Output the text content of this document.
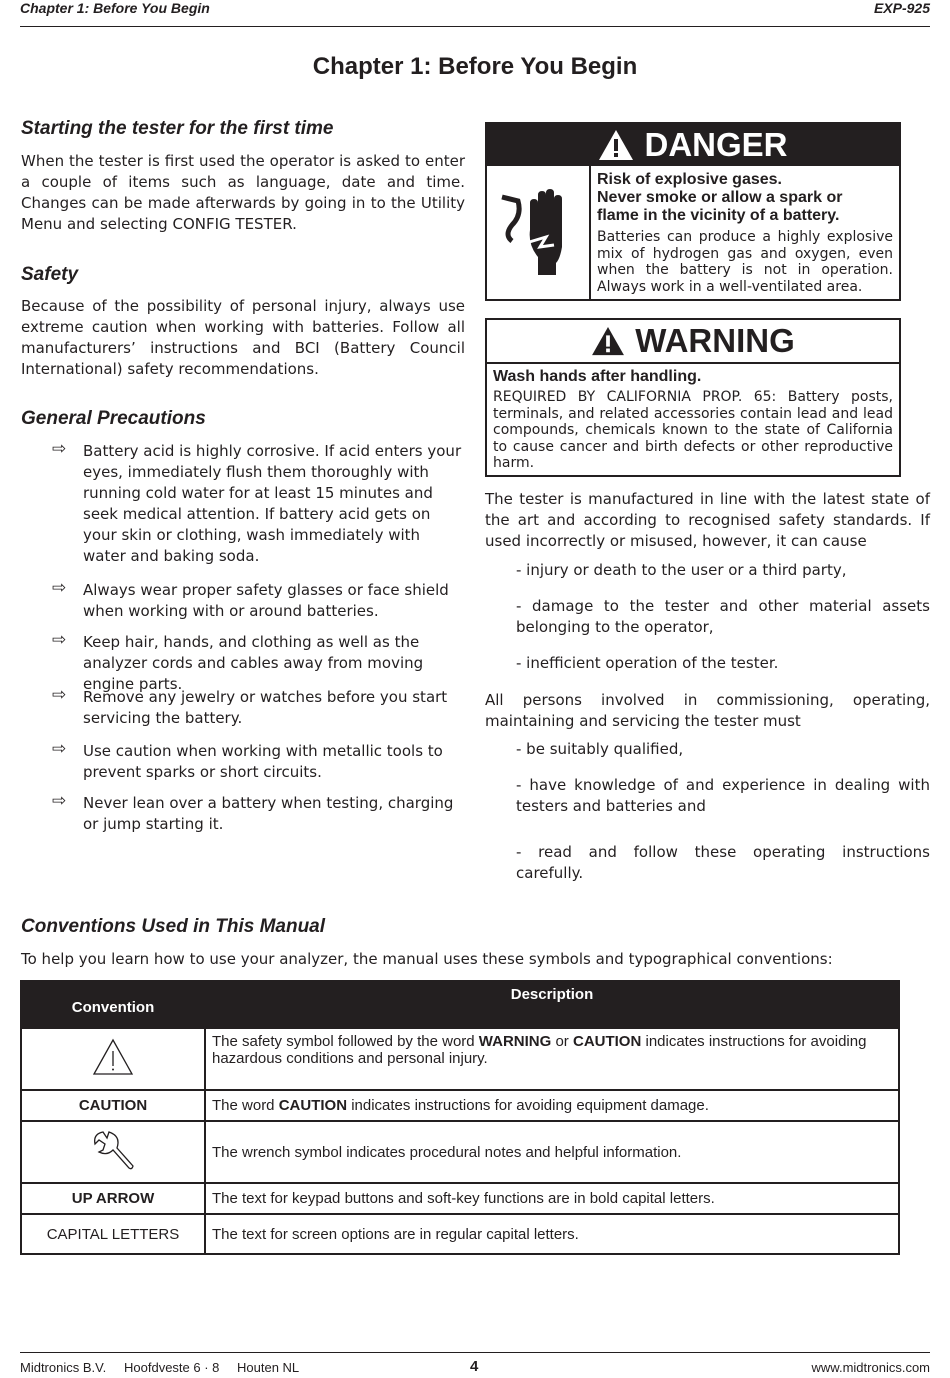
Chapter 1: Before You Begin	EXP-925
Chapter 1: Before You Begin
Starting the tester for the first time
When the tester is first used the operator is asked to enter a couple of items such as language, date and time. Changes can be made afterwards by going in to the Utility Menu and selecting CONFIG TESTER.
Safety
Because of the possibility of personal injury, always use extreme caution when working with batteries. Follow all manufacturers’ instructions and BCI (Battery Council International) safety recommendations.
General Precautions
⇨ Battery acid is highly corrosive. If acid enters your eyes, immediately flush them thoroughly with running cold water for at least 15 minutes and seek medical attention. If battery acid gets on your skin or clothing, wash immediately with water and baking soda.
⇨ Always wear proper safety glasses or face shield when working with or around batteries.
⇨ Keep hair, hands, and clothing as well as the analyzer cords and cables away from moving engine parts.
⇨ Remove any jewelry or watches before you start servicing the battery.
⇨ Use caution when working with metallic tools to prevent sparks or short circuits.
⇨ Never lean over a battery when testing, charging or jump starting it.
DANGER
Risk of explosive gases.
Never smoke or allow a spark or
flame in the vicinity of a battery.
Batteries can produce a highly explosive mix of hydrogen gas and oxygen, even when the battery is not in operation. Always work in a well-ventilated area.
WARNING
Wash hands after handling.
REQUIRED BY CALIFORNIA PROP. 65: Battery posts, terminals, and related accessories contain lead and lead compounds, chemicals known to the state of California to cause cancer and birth defects or other reproductive harm.
The tester is manufactured in line with the latest state of the art and according to recognised safety standards. If used incorrectly or misused, however, it can cause
- injury or death to the user or a third party,
- damage to the tester and other material assets belonging to the operator,
- inefficient operation of the tester.
All persons involved in commissioning, operating, maintaining and servicing the tester must
- be suitably qualified,
- have knowledge of and experience in dealing with testers and batteries and
- read and follow these operating instructions carefully.
Conventions Used in This Manual
To help you learn how to use your analyzer, the manual uses these symbols and typographical conventions:
Convention	Description
	The safety symbol followed by the word WARNING or CAUTION indicates instructions for avoiding hazardous conditions and personal injury.
CAUTION	The word CAUTION indicates instructions for avoiding equipment damage.
	The wrench symbol indicates procedural notes and helpful information.
UP ARROW	The text for keypad buttons and soft-key functions are in bold capital letters.
CAPITAL LETTERS	The text for screen options are in regular capital letters.
Midtronics B.V. Hoofdveste 6 · 8 Houten NL	4	www.midtronics.com
